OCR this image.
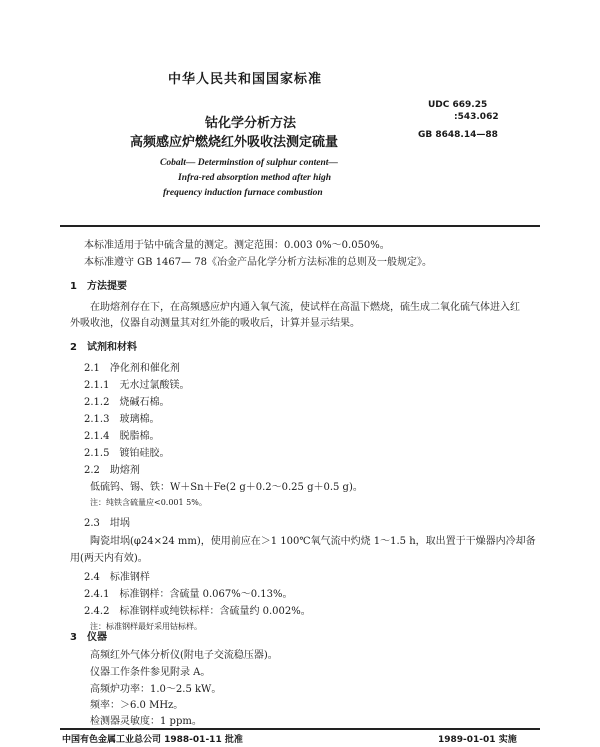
中华人民共和国国家标准
钴化学分析方法
高频感应炉燃烧红外吸收法测定硫量
UDC 669.25
:543.062
GB 8648.14—88
Cobalt— Determinstion of sulphur content—
Infra-red absorption method after high
frequency induction furnace combustion
本标准适用于钴中硫含量的测定。测定范围：0.003 0%～0.050%。
本标准遵守 GB 1467— 78《冶金产品化学分析方法标准的总则及一般规定》。
1　方法提要
在助熔剂存在下，在高频感应炉内通入氧气流，使试样在高温下燃烧，硫生成二氧化硫气体进入红
外吸收池，仪器自动测量其对红外能的吸收后，计算并显示结果。
2　试剂和材料
2.1　净化剂和催化剂
2.1.1　无水过氯酸镁。
2.1.2　烧碱石棉。
2.1.3　玻璃棉。
2.1.4　脱脂棉。
2.1.5　镀铂硅胶。
2.2　助熔剂
低硫钨、锡、铁：W＋Sn＋Fe(2 g＋0.2～0.25 g＋0.5 g)。
注：纯铁含硫量应<0.001 5%。
2.3　坩埚
陶瓷坩埚(φ24×24 mm)，使用前应在＞1 100℃氧气流中灼烧 1～1.5 h，取出置于干燥器内冷却备
用(两天内有效)。
2.4　标准钢样
2.4.1　标准钢样：含硫量 0.067%～0.13%。
2.4.2　标准钢样或纯铁标样：含硫量约 0.002%。
注：标准钢样最好采用钴标样。
3　仪器
高频红外气体分析仪(附电子交流稳压器)。
仪器工作条件参见附录 A。
高频炉功率：1.0～2.5 kW。
频率：＞6.0 MHz。
检测器灵敏度：1 ppm。
中国有色金属工业总公司 1988-01-11 批准	1989-01-01 实施
